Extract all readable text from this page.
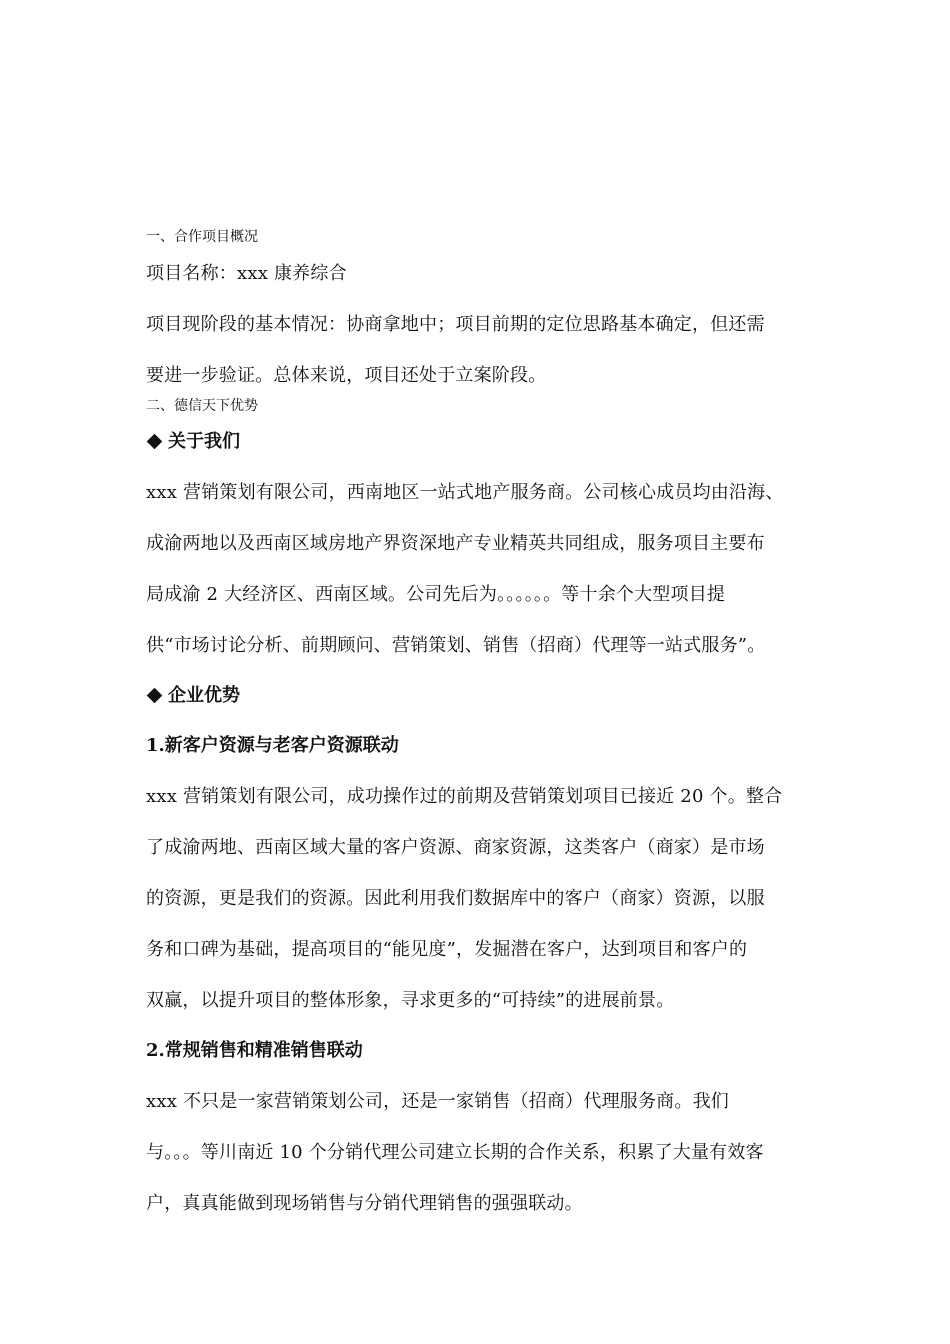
一、合作项目概况
项目名称：xxx 康养综合
项目现阶段的基本情况：协商拿地中；项目前期的定位思路基本确定，但还需
要进一步验证。总体来说，项目还处于立案阶段。
二、德信天下优势
关于我们
xxx 营销策划有限公司，西南地区一站式地产服务商。公司核心成员均由沿海、
成渝两地以及西南区域房地产界资深地产专业精英共同组成，服务项目主要布
局成渝 2 大经济区、西南区域。公司先后为。。。。。。等十余个大型项目提
供“市场讨论分析、前期顾问、营销策划、销售（招商）代理等一站式服务”。
企业优势
1.新客户资源与老客户资源联动
xxx 营销策划有限公司，成功操作过的前期及营销策划项目已接近 20 个。整合
了成渝两地、西南区域大量的客户资源、商家资源，这类客户（商家）是市场
的资源，更是我们的资源。因此利用我们数据库中的客户（商家）资源，以服
务和口碑为基础，提高项目的“能见度”，发掘潜在客户，达到项目和客户的
双赢，以提升项目的整体形象，寻求更多的“可持续”的进展前景。
2.常规销售和精准销售联动
xxx 不只是一家营销策划公司，还是一家销售（招商）代理服务商。我们
与。。。等川南近 10 个分销代理公司建立长期的合作关系，积累了大量有效客
户，真真能做到现场销售与分销代理销售的强强联动。
